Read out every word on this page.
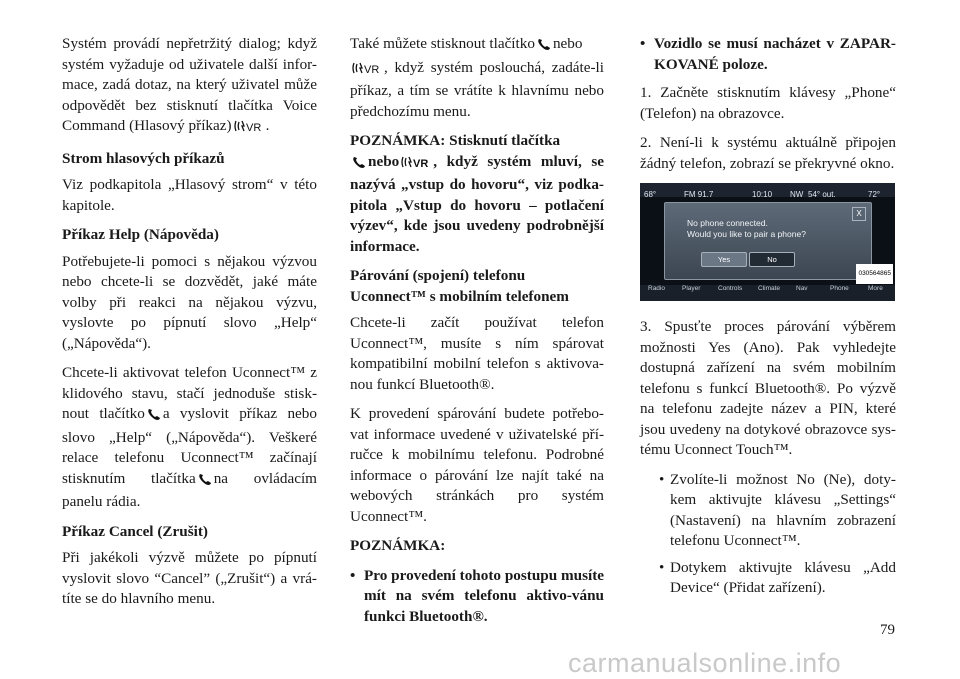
Systém provádí nepřetržitý dialog; když systém vyžaduje od uživatele další infor-mace, zadá dotaz, na který uživatel může odpovědět bez stisknutí tlačítka Voice Command (Hlasový příkaz) VR .

Strom hlasových příkazů

Viz podkapitola „Hlasový strom“ v této kapitole.

Příkaz Help (Nápověda)

Potřebujete-li pomoci s nějakou výzvou nebo chcete-li se dozvědět, jaké máte volby při reakci na nějakou výzvu, vyslovte po pípnutí slovo „Help“ („Nápověda“).

Chcete-li aktivovat telefon Uconnect™ z klidového stavu, stačí jednoduše stisk-nout tlačítko a vyslovit příkaz nebo slovo „Help“ („Nápověda“). Veškeré relace telefonu Uconnect™ začínají stisknutím tlačítka na ovládacím panelu rádia.

Příkaz Cancel (Zrušit)

Při jakékoli výzvě můžete po pípnutí vyslovit slovo “Cancel” („Zrušit“) a vrá-títe se do hlavního menu.

Také můžete stisknout tlačítko nebo

VR , když systém poslouchá, zadáte-li příkaz, a tím se vrátíte k hlavnímu nebo předchozímu menu.

POZNÁMKA: Stisknutí tlačítka
nebo VR , když systém mluví, se nazývá „vstup do hovoru“, viz podka-pitola „Vstup do hovoru – potlačení výzev“, kde jsou uvedeny podrobnější informace.

Párování (spojení) telefonu Uconnect™ s mobilním telefonem

Chcete-li začít používat telefon Uconnect™, musíte s ním spárovat kompatibilní mobilní telefon s aktivova-nou funkcí Bluetooth®.

K provedení spárování budete potřebo-vat informace uvedené v uživatelské pří-ručce k mobilnímu telefonu. Podrobné informace o párování lze najít také na webových stránkách pro systém Uconnect™.

POZNÁMKA:

• Pro provedení tohoto postupu musíte mít na svém telefonu aktivo-vánu funkci Bluetooth®.
• Vozidlo se musí nacházet v ZAPAR-KOVANÉ poloze.

1. Začněte stisknutím klávesy „Phone“ (Telefon) na obrazovce.

2. Není-li k systému aktuálně připojen žádný telefon, zobrazí se překryvné okno.

68°	FM 91.7	10:10 NW 54° out.	72°
X
No phone connected.
Would you like to pair a phone?
Yes	No
030564865
Radio	Player	Controls Climate Nav	Phone	More

3. Spusťte proces párování výběrem možnosti Yes (Ano). Pak vyhledejte dostupná zařízení na svém mobilním telefonu s funkcí Bluetooth®. Po výzvě na telefonu zadejte název a PIN, které jsou uvedeny na dotykové obrazovce sys-tému Uconnect Touch™.

• Zvolíte-li možnost No (Ne), doty-kem aktivujte klávesu „Settings“ (Nastavení) na hlavním zobrazení telefonu Uconnect™.
• Dotykem aktivujte klávesu „Add Device“ (Přidat zařízení).
79
carmanualsonline.info
